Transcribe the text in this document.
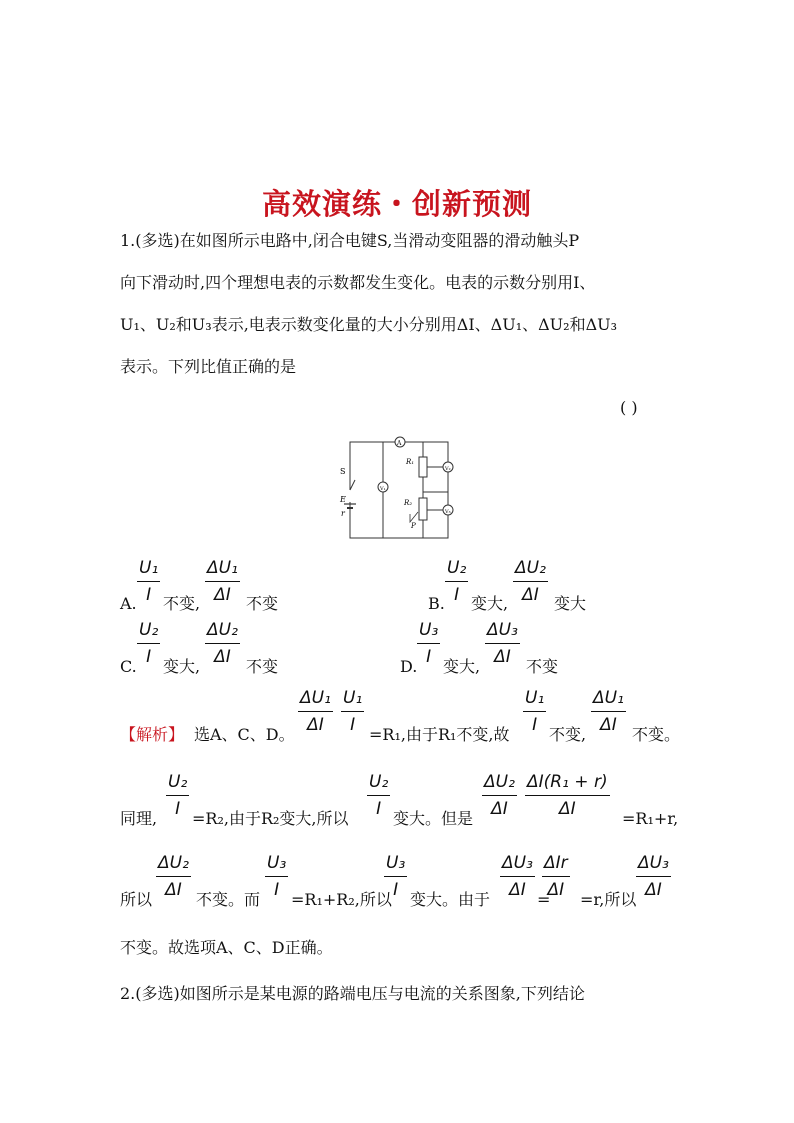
高效演练・创新预测
1.(多选)在如图所示电路中,闭合电键S,当滑动变阻器的滑动触头P
向下滑动时,四个理想电表的示数都发生变化。电表的示数分别用I、
U₁、U₂和U₃表示,电表示数变化量的大小分别用ΔI、ΔU₁、ΔU₂和ΔU₃
表示。下列比值正确的是
( )
A
V₁
V₂
V₃
S
E
r
R₁
R₂
P
A. $\frac{\text{U₁}}{I}$ 不变, $\frac{\text{ΔU₁}}{\Delta I}$ 不变	B. $\frac{\text{U₂}}{I}$ 变大, $\frac{\text{ΔU₂}}{\Delta I}$ 变大
C. $\frac{\text{U₂}}{I}$ 变大, $\frac{\text{ΔU₂}}{\Delta I}$ 不变	D. $\frac{\text{U₃}}{I}$ 变大, $\frac{\text{ΔU₃}}{\Delta I}$ 不变
【解析】 选A、C、D。 $\frac{\text{ΔU₁}}{\Delta I} \frac{\text{U₁}}{I} =R_1$,由于R₁不变,故 $\frac{\text{U₁}}{I}$ 不变, $\frac{\text{ΔU₁}}{\Delta I}$ 不变。
同理, $\frac{\text{U₂}}{I} =R_2$,由于R₂变大,所以 $\frac{\text{U₂}}{I}$ 变大。但是 $\frac{\text{ΔU₂}}{\Delta I} \frac{\text{ΔI(R₁ + r)}}{\Delta I} =R_1+r$,
所以 $\frac{\text{ΔU₂}}{\Delta I}$ 不变。而 $\frac{\text{U₃}}{I} =R_1+R_2$,所以
$\frac{\text{U₃}}{I}$ 变大。由于 $\frac{\text{ΔU₃}}{\Delta I}$ =
ΔIr
ΔI =r,所以 $\frac{\text{ΔU₃}}{\Delta I}$
不变。故选项A、C、D正确。
2.(多选)如图所示是某电源的路端电压与电流的关系图象,下列结论
